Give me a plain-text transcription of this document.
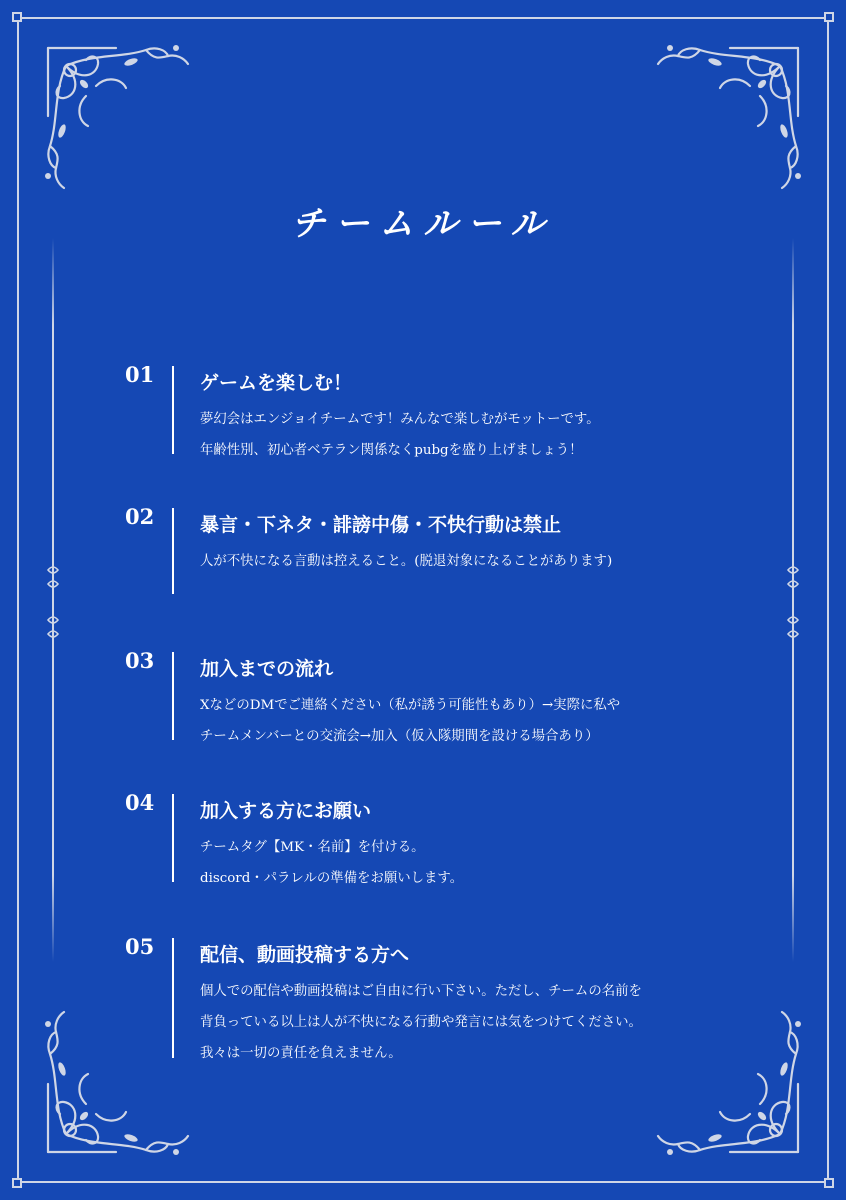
チームルール
01	ゲームを楽しむ！
夢幻会はエンジョイチームです！みんなで楽しむがモットーです。
年齢性別、初心者ベテラン関係なくpubgを盛り上げましょう！
02	暴言・下ネタ・誹謗中傷・不快行動は禁止
人が不快になる言動は控えること。(脱退対象になることがあります)
03	加入までの流れ
XなどのDMでご連絡ください（私が誘う可能性もあり）→実際に私や
チームメンバーとの交流会→加入（仮入隊期間を設ける場合あり）
04	加入する方にお願い
チームタグ【MK・名前】を付ける。
discord・パラレルの準備をお願いします。
05	配信、動画投稿する方へ
個人での配信や動画投稿はご自由に行い下さい。ただし、チームの名前を
背負っている以上は人が不快になる行動や発言には気をつけてください。
我々は一切の責任を負えません。
